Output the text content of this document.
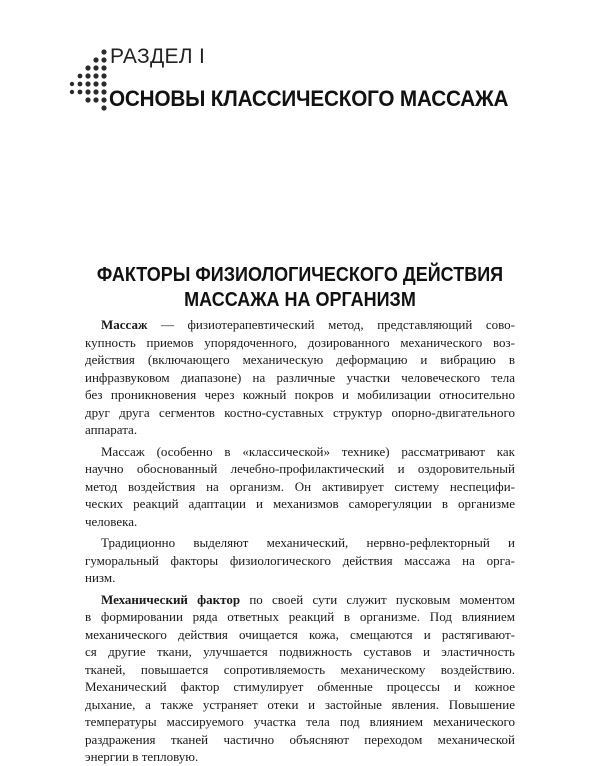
РАЗДЕЛ I
ОСНОВЫ КЛАССИЧЕСКОГО МАССАЖА
ФАКТОРЫ ФИЗИОЛОГИЧЕСКОГО ДЕЙСТВИЯ
МАССАЖА НА ОРГАНИЗМ
Массаж — физиотерапевтический метод, представляющий сово-
купность приемов упорядоченного, дозированного механического воз-
действия (включающего механическую деформацию и вибрацию в
инфразвуковом диапазоне) на различные участки человеческого тела
без проникновения через кожный покров и мобилизации относительно
друг друга сегментов костно-суставных структур опорно-двигательного
аппарата.
Массаж (особенно в «классической» технике) рассматривают как
научно обоснованный лечебно-профилактический и оздоровительный
метод воздействия на организм. Он активирует систему неспецифи-
ческих реакций адаптации и механизмов саморегуляции в организме
человека.
Традиционно выделяют механический, нервно-рефлекторный и
гуморальный факторы физиологического действия массажа на орга-
низм.
Механический фактор по своей сути служит пусковым моментом
в формировании ряда ответных реакций в организме. Под влиянием
механического действия очищается кожа, смещаются и растягивают-
ся другие ткани, улучшается подвижность суставов и эластичность
тканей, повышается сопротивляемость механическому воздействию.
Механический фактор стимулирует обменные процессы и кожное
дыхание, а также устраняет отеки и застойные явления. Повышение
температуры массируемого участка тела под влиянием механического
раздражения тканей частично объясняют переходом механической
энергии в тепловую.
